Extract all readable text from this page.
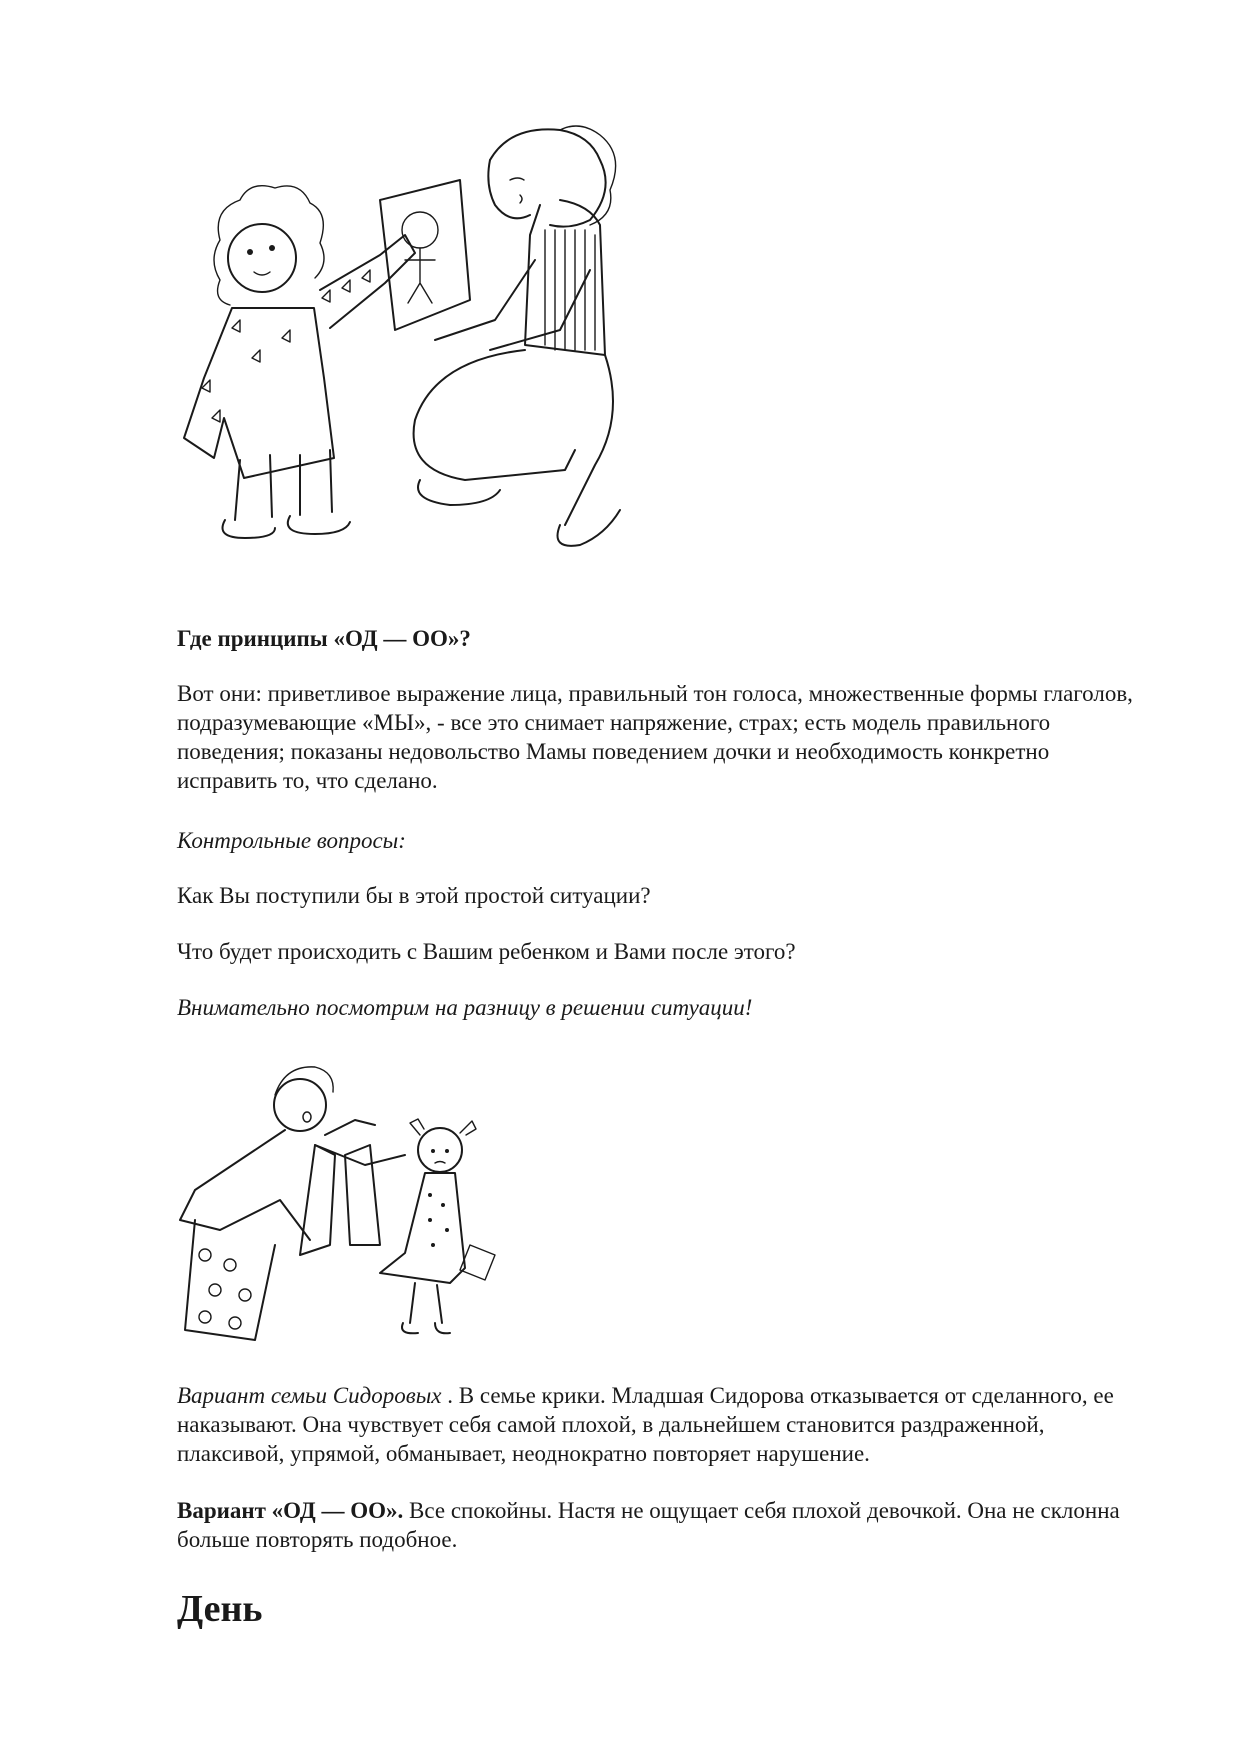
Где принципы «ОД — ОО»?
Вот они: приветливое выражение лица, правильный тон голоса, множественные формы глаголов, подразумевающие «МЫ», - все это снимает напряжение, страх; есть модель правильного поведения; показаны недовольство Мамы поведением дочки и необходимость конкретно исправить то, что сделано.
Контрольные вопросы:
Как Вы поступили бы в этой простой ситуации?
Что будет происходить с Вашим ребенком и Вами после этого?
Внимательно посмотрим на разницу в решении ситуации!
Вариант семьи Сидоровых . В семье крики. Младшая Сидорова отказывается от сделанного, ее наказывают. Она чувствует себя самой плохой, в дальнейшем становится раздраженной, плаксивой, упрямой, обманывает, неоднократно повторяет нарушение.
Вариант «ОД — ОО». Все спокойны. Настя не ощущает себя плохой девочкой. Она не склонна больше повторять подобное.
День
